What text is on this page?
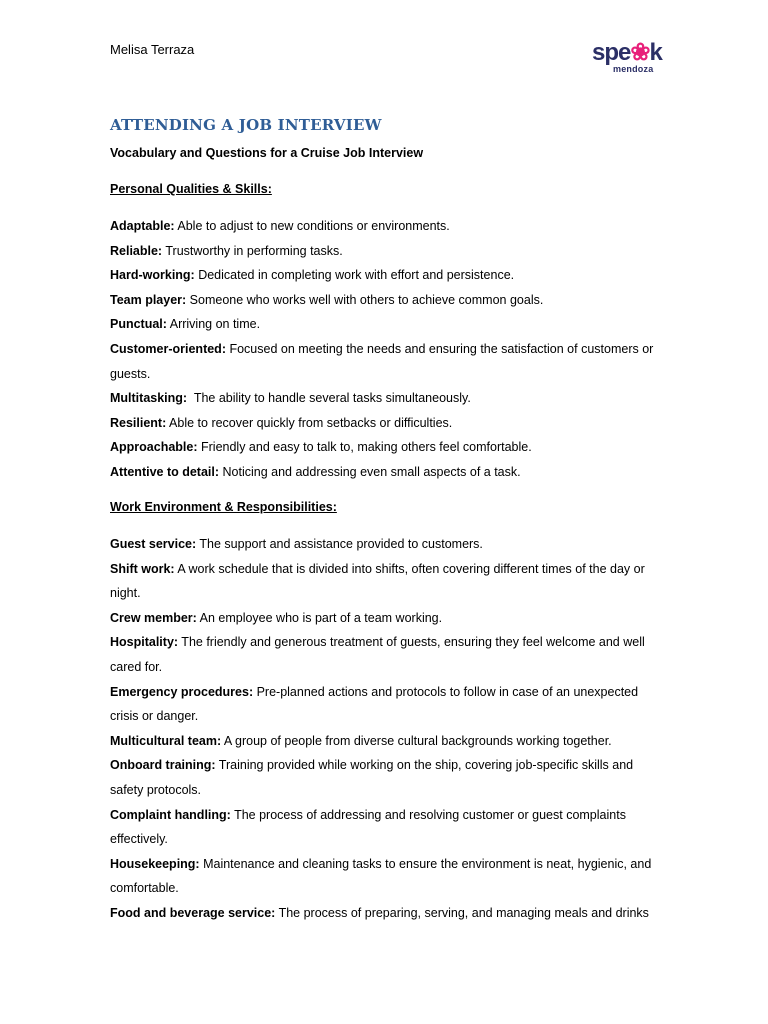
Melisa Terraza	spe❀k
mendoza
ATTENDING A JOB INTERVIEW
Vocabulary and Questions for a Cruise Job Interview
Personal Qualities & Skills:

Adaptable: Able to adjust to new conditions or environments.

Reliable: Trustworthy in performing tasks.

Hard-working: Dedicated in completing work with effort and persistence.

Team player: Someone who works well with others to achieve common goals.

Punctual: Arriving on time.

Customer-oriented: Focused on meeting the needs and ensuring the satisfaction of customers or guests.

Multitasking:  The ability to handle several tasks simultaneously.

Resilient: Able to recover quickly from setbacks or difficulties.

Approachable: Friendly and easy to talk to, making others feel comfortable.

Attentive to detail: Noticing and addressing even small aspects of a task.

Work Environment & Responsibilities:

Guest service: The support and assistance provided to customers.

Shift work: A work schedule that is divided into shifts, often covering different times of the day or night.

Crew member: An employee who is part of a team working.

Hospitality: The friendly and generous treatment of guests, ensuring they feel welcome and well cared for.

Emergency procedures: Pre-planned actions and protocols to follow in case of an unexpected crisis or danger.

Multicultural team: A group of people from diverse cultural backgrounds working together.

Onboard training: Training provided while working on the ship, covering job-specific skills and safety protocols.

Complaint handling: The process of addressing and resolving customer or guest complaints effectively.

Housekeeping: Maintenance and cleaning tasks to ensure the environment is neat, hygienic, and comfortable.

Food and beverage service: The process of preparing, serving, and managing meals and drinks
